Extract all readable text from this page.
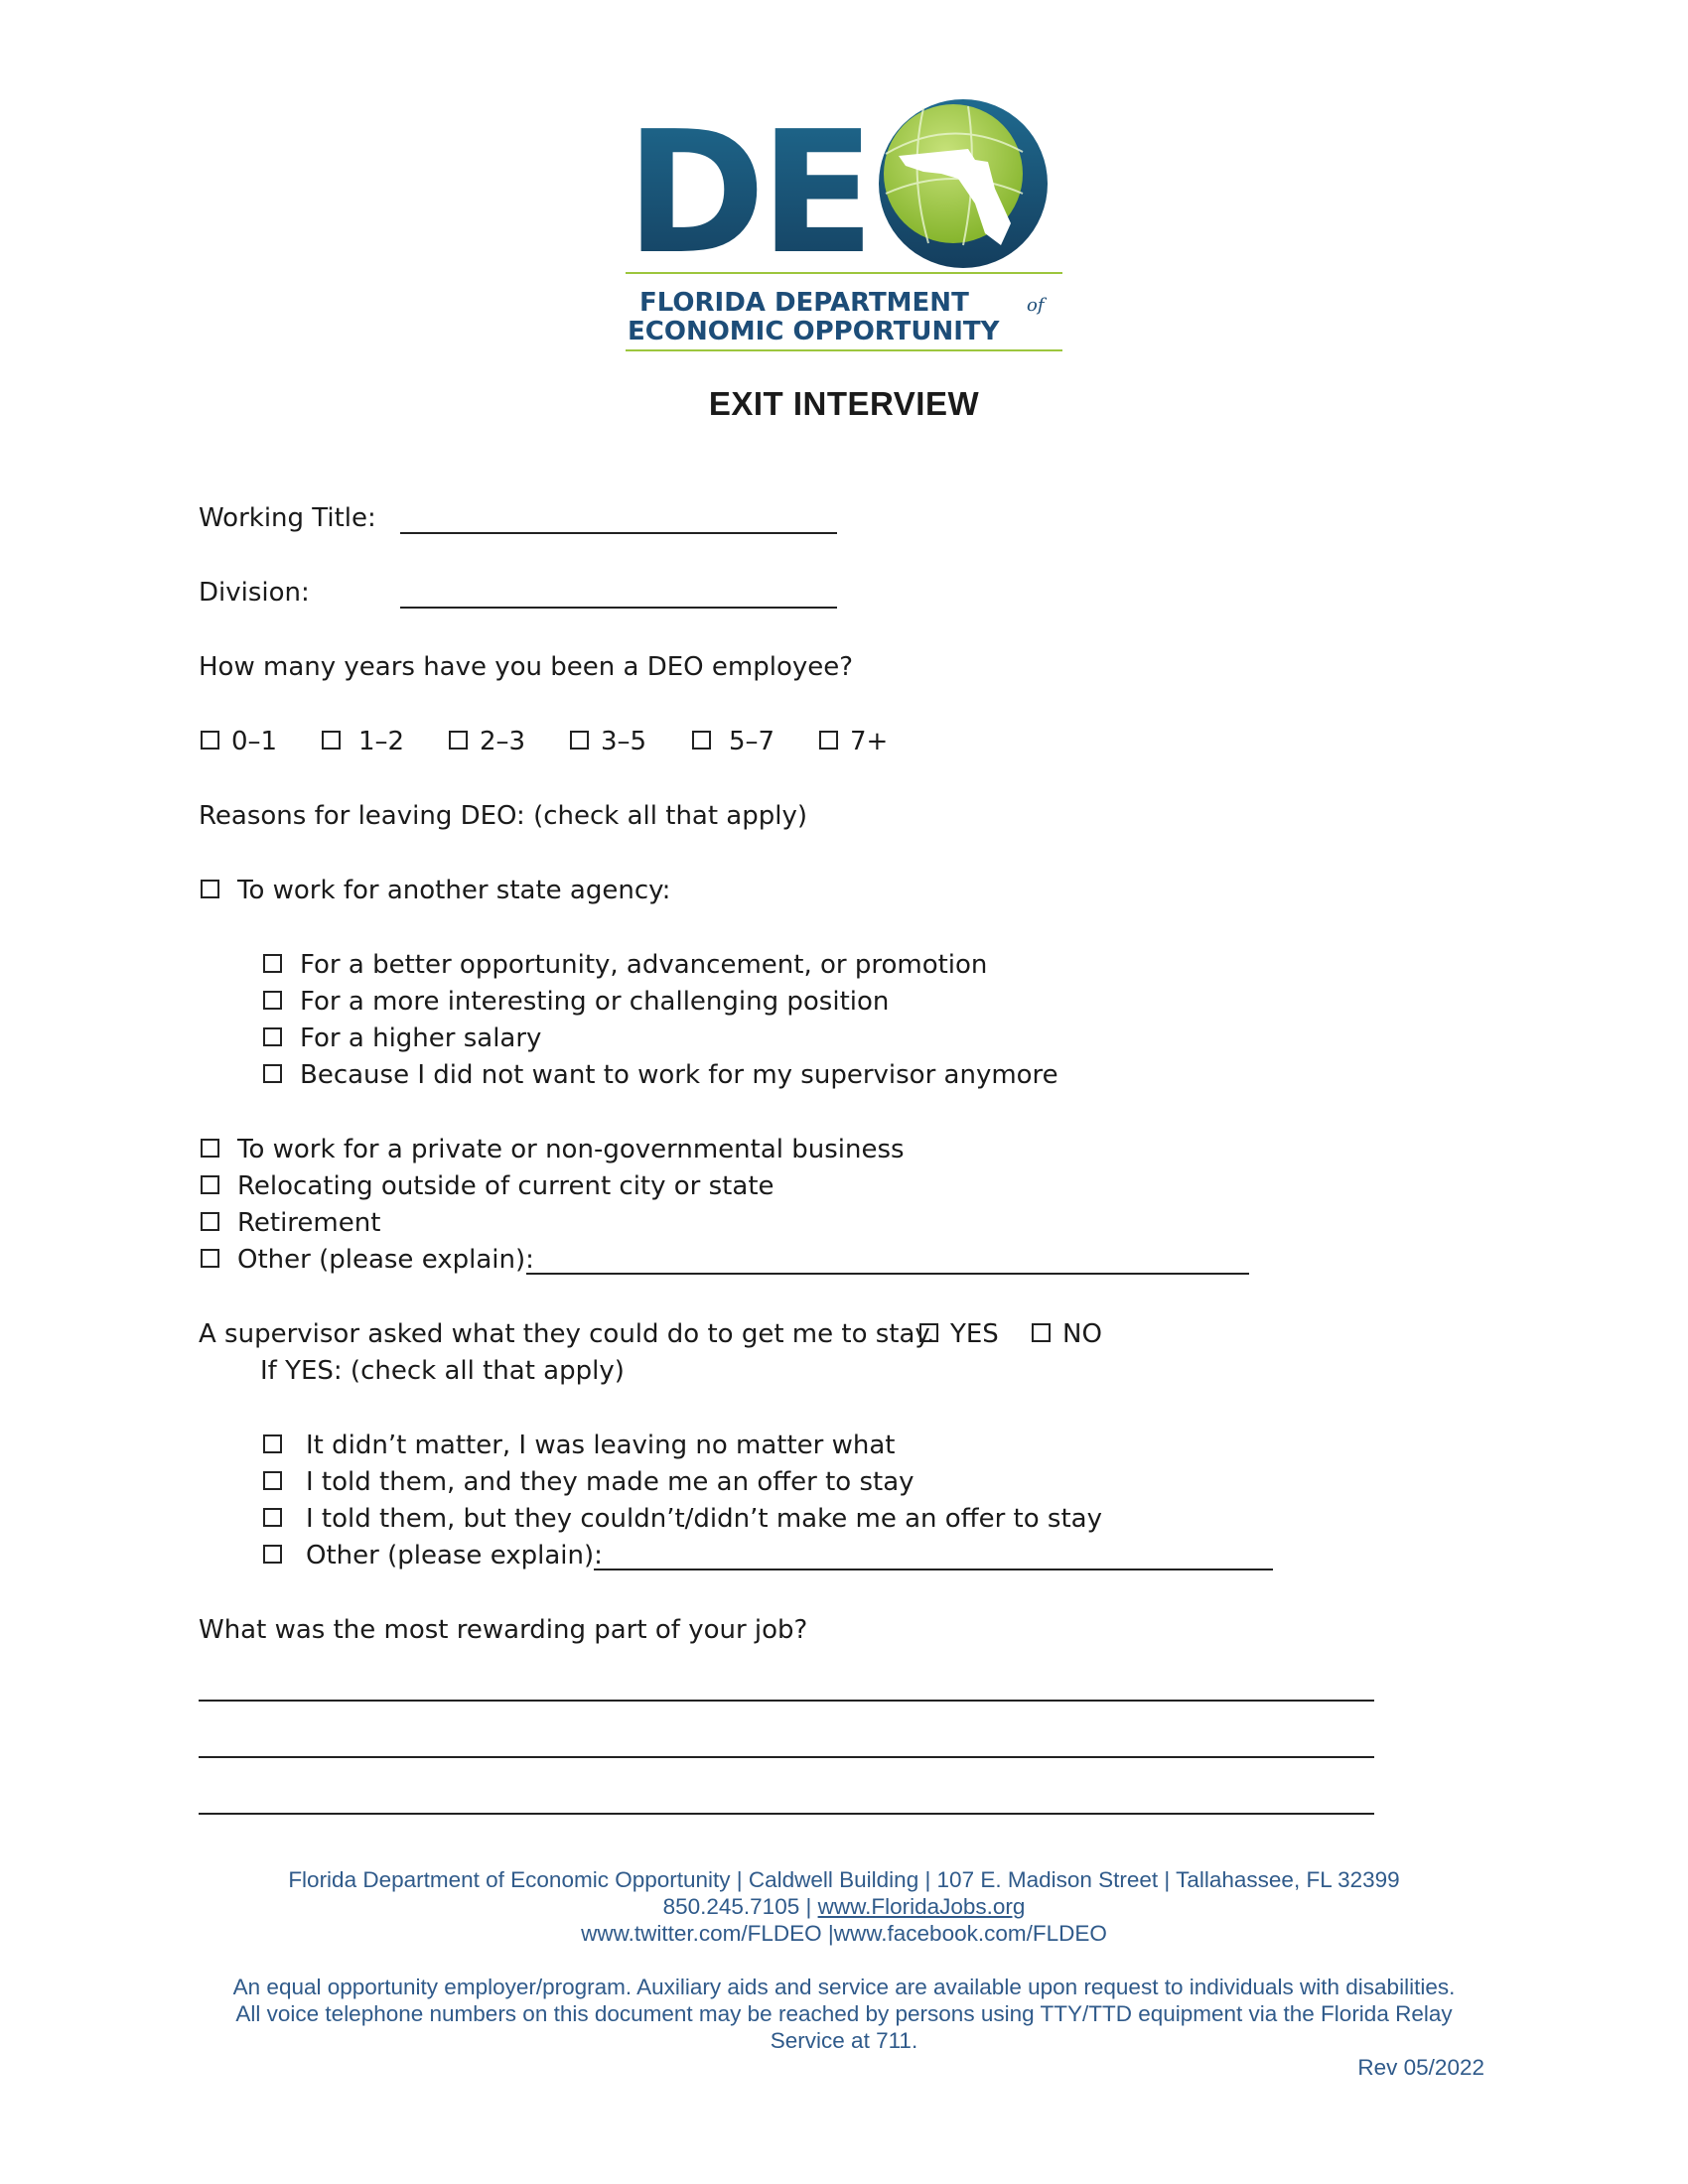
DE
FLORIDA DEPARTMENT	of
ECONOMIC OPPORTUNITY
EXIT INTERVIEW
Working Title:
Division:
How many years have you been a DEO employee?
0–1	1–2	2–3	3–5	5–7	7+
Reasons for leaving DEO: (check all that apply)
To work for another state agency:
For a better opportunity, advancement, or promotion
For a more interesting or challenging position
For a higher salary
Because I did not want to work for my supervisor anymore
To work for a private or non-governmental business
Relocating outside of current city or state
Retirement
Other (please explain):
A supervisor asked what they could do to get me to stay. YES	NO
If YES: (check all that apply)
It didn’t matter, I was leaving no matter what
I told them, and they made me an offer to stay
I told them, but they couldn’t/didn’t make me an offer to stay
Other (please explain):
What was the most rewarding part of your job?
Florida Department of Economic Opportunity | Caldwell Building | 107 E. Madison Street | Tallahassee, FL 32399
850.245.7105 | www.FloridaJobs.org
www.twitter.com/FLDEO |www.facebook.com/FLDEO
An equal opportunity employer/program. Auxiliary aids and service are available upon request to individuals with disabilities.
All voice telephone numbers on this document may be reached by persons using TTY/TTD equipment via the Florida Relay
Service at 711.
Rev 05/2022
